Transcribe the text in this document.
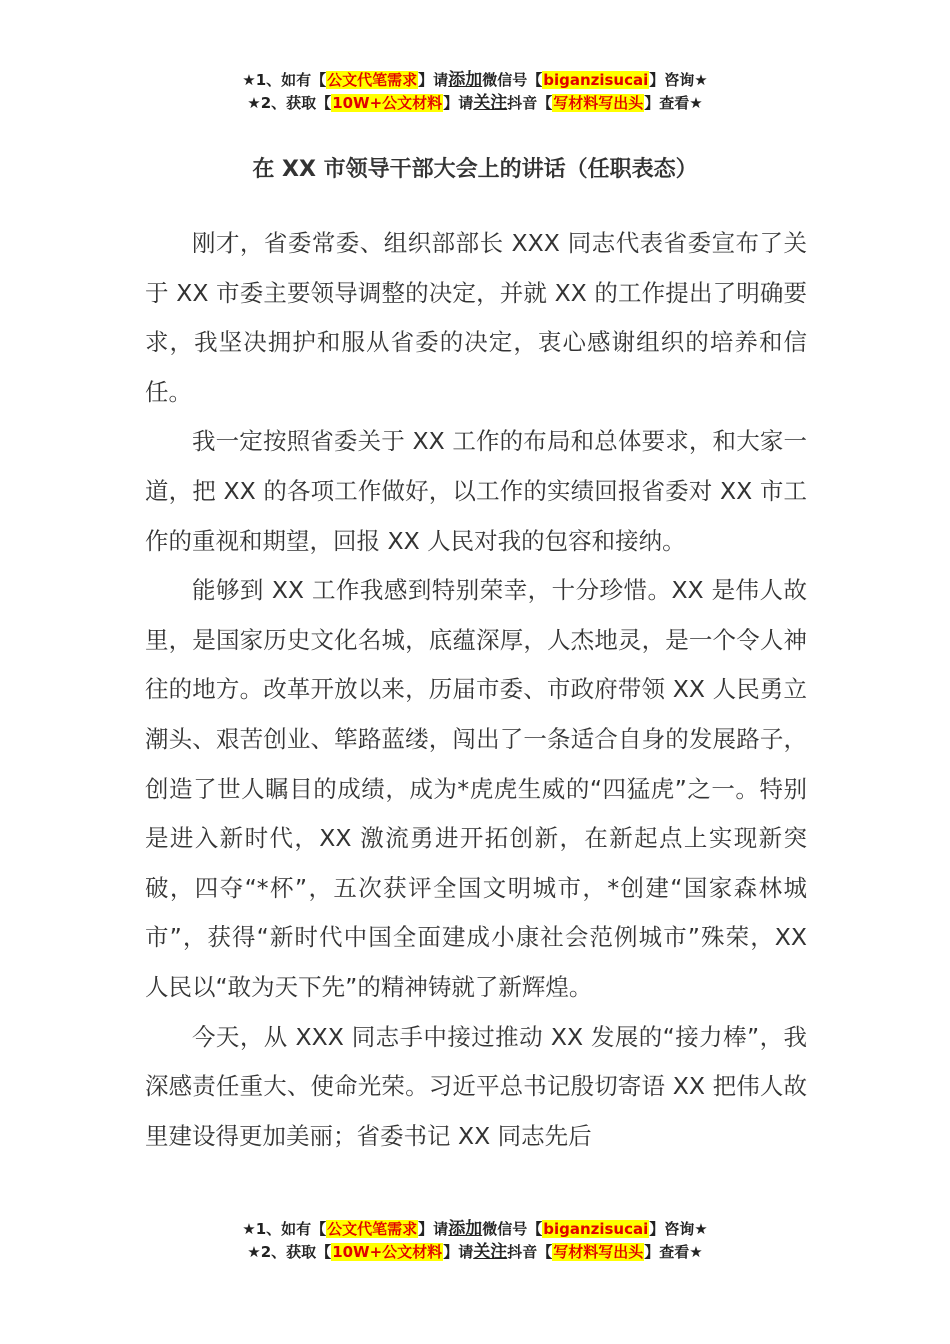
★1、如有【公文代笔需求】请添加微信号【biganzisucai】咨询★
★2、获取【10W+公文材料】请关注抖音【写材料写出头】查看★
在 XX 市领导干部大会上的讲话（任职表态）

刚才，省委常委、组织部部长 XXX 同志代表省委宣布了关于 XX 市委主要领导调整的决定，并就 XX 的工作提出了明确要求，我坚决拥护和服从省委的决定，衷心感谢组织的培养和信任。

我一定按照省委关于 XX 工作的布局和总体要求，和大家一道，把 XX 的各项工作做好，以工作的实绩回报省委对 XX 市工作的重视和期望，回报 XX 人民对我的包容和接纳。

能够到 XX 工作我感到特别荣幸，十分珍惜。XX 是伟人故里，是国家历史文化名城，底蕴深厚，人杰地灵，是一个令人神往的地方。改革开放以来，历届市委、市政府带领 XX 人民勇立潮头、艰苦创业、筚路蓝缕，闯出了一条适合自身的发展路子，创造了世人瞩目的成绩，成为*虎虎生威的“四猛虎”之一。特别是进入新时代，XX 激流勇进开拓创新，在新起点上实现新突破，四夺“*杯”，五次获评全国文明城市，*创建“国家森林城市”，获得“新时代中国全面建成小康社会范例城市”殊荣，XX 人民以“敢为天下先”的精神铸就了新辉煌。

今天，从 XXX 同志手中接过推动 XX 发展的“接力棒”，我深感责任重大、使命光荣。习近平总书记殷切寄语 XX 把伟人故里建设得更加美丽；省委书记 XX 同志先后

★1、如有【公文代笔需求】请添加微信号【biganzisucai】咨询★
★2、获取【10W+公文材料】请关注抖音【写材料写出头】查看★
